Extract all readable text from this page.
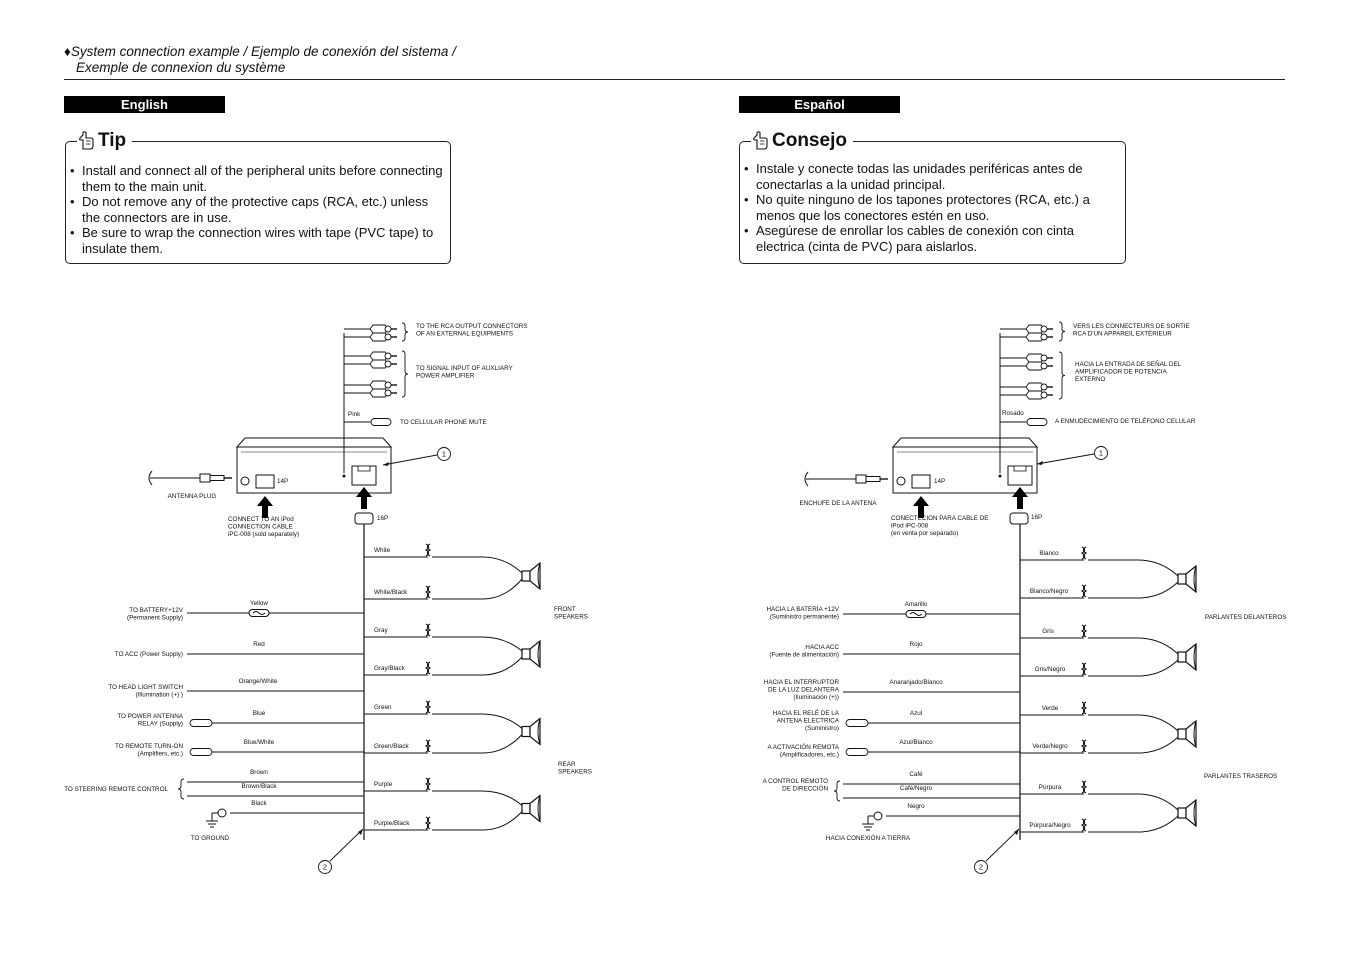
♦System connection example / Ejemplo de conexión del sistema /
Exemple de connexion du système
English
Tip
• Install and connect all of the peripheral units before connecting them to the main unit.
• Do not remove any of the protective caps (RCA, etc.) unless the connectors are in use.
• Be sure to wrap the connection wires with tape (PVC tape) to insulate them.
Español
Consejo
• Instale y conecte todas las unidades periféricas antes de conectarlas a la unidad principal.
• No quite ninguno de los tapones protectores (RCA, etc.) a menos que los conectores estén en uso.
• Asegúrese de enrollar los cables de conexión con cinta electrica (cinta de PVC) para aislarlos.
14P
1
TO THE RCA OUTPUT CONNECTORS
OF AN EXTERNAL EQUIPMENTS
TO SIGNAL INPUT OF AUXLIARY
POWER AMPLIFIER
Pink
TO CELLULAR PHONE MUTE
ANTENNA PLUG
CONNECT TO AN iPod
CONNECTION CABLE
iPC-008 (sold separately)
16P
White
White/Black
Gray
Gray/Black
Green
Green/Black
Purple
Purple/Black
FRONT
SPEAKERS
REAR
SPEAKERS
2
Yellow
Red
Orange/White
Blue
Blue/White
Brown
Brown/Black
Black
TO BATTERY+12V
(Permanent Supply)
TO ACC (Power Supply)
TO HEAD LIGHT SWITCH
(Illumination (+) )
TO POWER ANTENNA
RELAY (Supply)
TO REMOTE TURN-ON
(Amplifiers, etc.)
TO STEERING REMOTE CONTROL
TO GROUND
14P
1
VERS LES CONNECTEURS DE SORTIE
RCA D'UN APPAREIL EXTÉRIEUR
HACIA LA ENTRADA DE SEÑAL DEL
AMPLIFICADOR DE POTENCIA
EXTERNO
Rosado
A ENMUDECIMIENTO DE TELÉFONO CELULAR
ENCHUFE DE LA ANTENA
CONECTECION PARA CABLE DE
iPod iPC-008
(en venta por separado)
16P
Blanco
Blanco/Negro
Gris
Gris/Negro
Verde
Verde/Negro
Púrpura
Púrpura/Negro
PARLANTES DELANTEROS
PARLANTES TRASEROS
2
Amarillo
Rojo
Anaranjado/Blanco
Azul
Azul/Blanco
Café
Café/Negro
Negro
HACIA LA BATERÍA +12V
(Suministro permanente)
HACIA ACC
(Fuente de alimentación)
HACIA EL INTERRUPTOR
DE LA LUZ DELANTERA
(Iluminación (+))
HACIA EL RELÉ DE LA
ANTENA ELECTRICA
(Suministro)
A ACTIVACIÓN REMOTA
(Amplificadores, etc.)
A CONTROL REMOTO
DE DIRECCIÓN
HACIA CONEXIÓN A TIERRA
